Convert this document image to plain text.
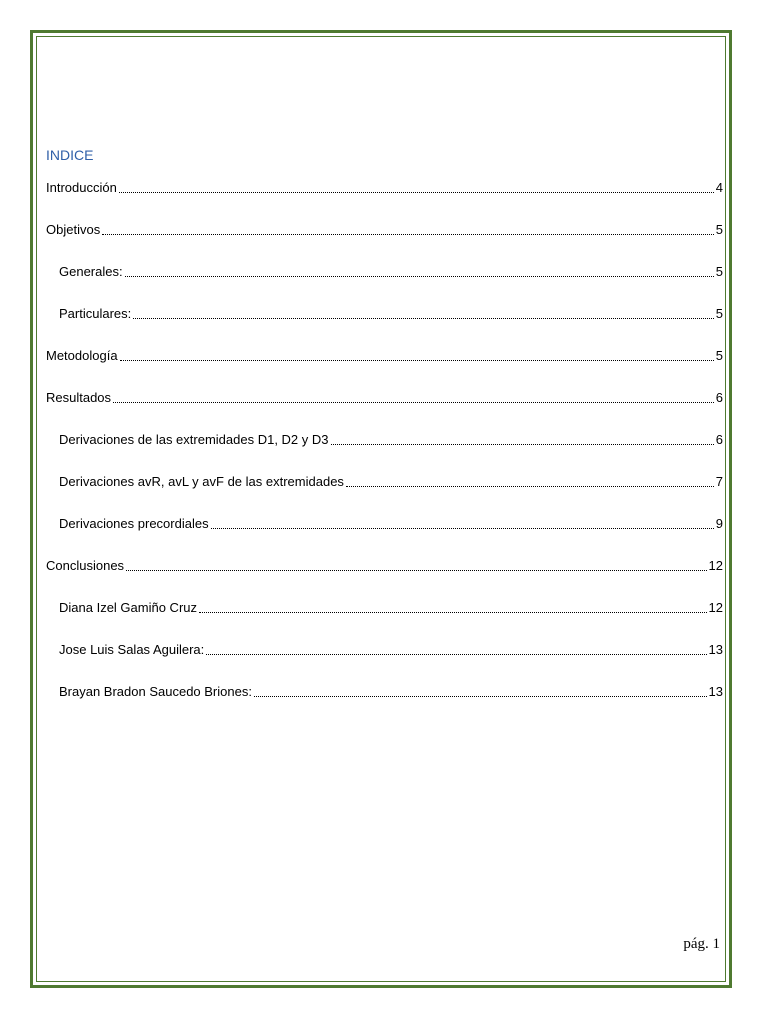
INDICE
Introducción	4
Objetivos	5
Generales:	5
Particulares:	5
Metodología	5
Resultados	6
Derivaciones de las extremidades D1, D2 y D3	6
Derivaciones avR, avL y avF de las extremidades	7
Derivaciones precordiales	9
Conclusiones	12
Diana Izel Gamiño Cruz	12
Jose Luis Salas Aguilera:	13
Brayan Bradon Saucedo Briones:	13
pág. 1
